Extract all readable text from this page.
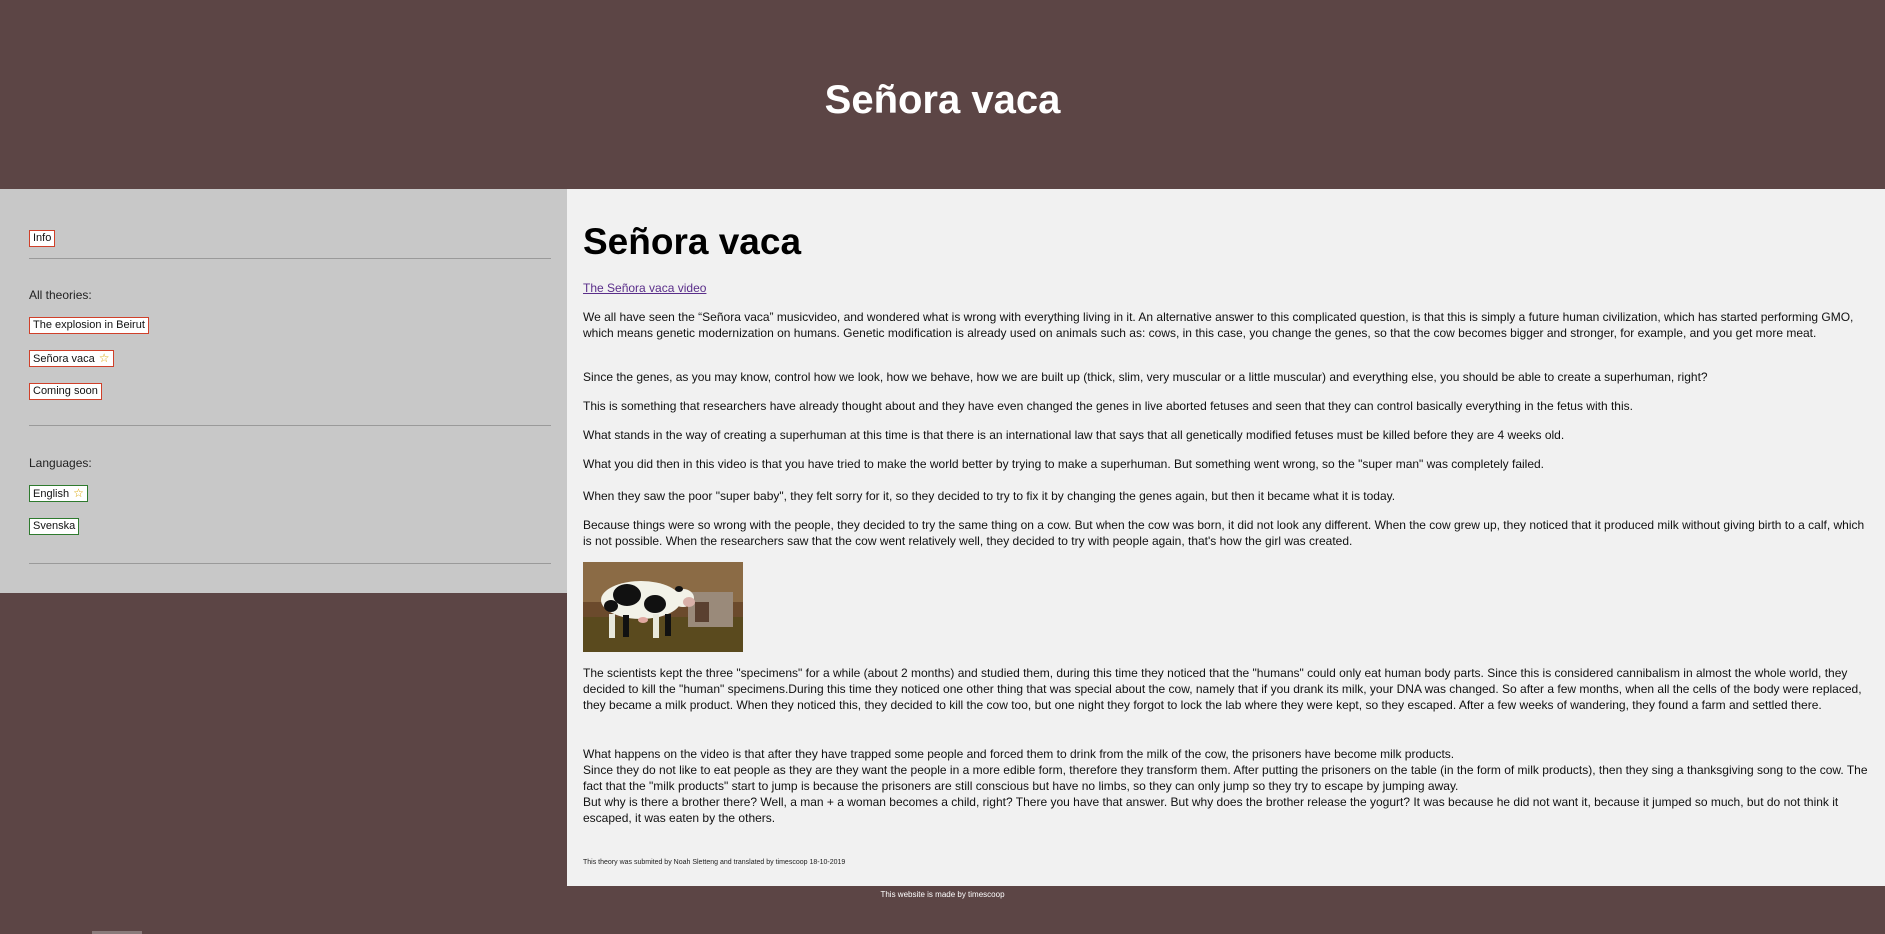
Señora vaca
Info
All theories:
The explosion in Beirut
Señora vaca ☆
Coming soon
Languages:
English ☆
Svenska
Señora vaca
The Señora vaca video

We all have seen the “Señora vaca” musicvideo, and wondered what is wrong with everything living in it. An alternative answer to this complicated question, is that this is simply a future human civilization, which has started performing GMO, which means genetic modernization on humans. Genetic modification is already used on animals such as: cows, in this case, you change the genes, so that the cow becomes bigger and stronger, for example, and you get more meat.

Since the genes, as you may know, control how we look, how we behave, how we are built up (thick, slim, very muscular or a little muscular) and everything else, you should be able to create a superhuman, right?

This is something that researchers have already thought about and they have even changed the genes in live aborted fetuses and seen that they can control basically everything in the fetus with this.

What stands in the way of creating a superhuman at this time is that there is an international law that says that all genetically modified fetuses must be killed before they are 4 weeks old.

What you did then in this video is that you have tried to make the world better by trying to make a superhuman. But something went wrong, so the "super man" was completely failed.

When they saw the poor "super baby", they felt sorry for it, so they decided to try to fix it by changing the genes again, but then it became what it is today.

Because things were so wrong with the people, they decided to try the same thing on a cow. But when the cow was born, it did not look any different. When the cow grew up, they noticed that it produced milk without giving birth to a calf, which is not possible. When the researchers saw that the cow went relatively well, they decided to try with people again, that's how the girl was created.

The scientists kept the three "specimens" for a while (about 2 months) and studied them, during this time they noticed that the "humans" could only eat human body parts. Since this is considered cannibalism in almost the whole world, they decided to kill the "human" specimens.During this time they noticed one other thing that was special about the cow, namely that if you drank its milk, your DNA was changed. So after a few months, when all the cells of the body were replaced, they became a milk product. When they noticed this, they decided to kill the cow too, but one night they forgot to lock the lab where they were kept, so they escaped. After a few weeks of wandering, they found a farm and settled there.

What happens on the video is that after they have trapped some people and forced them to drink from the milk of the cow, the prisoners have become milk products.

Since they do not like to eat people as they are they want the people in a more edible form, therefore they transform them. After putting the prisoners on the table (in the form of milk products), then they sing a thanksgiving song to the cow. The fact that the "milk products" start to jump is because the prisoners are still conscious but have no limbs, so they can only jump so they try to escape by jumping away.

But why is there a brother there? Well, a man + a woman becomes a child, right? There you have that answer. But why does the brother release the yogurt? It was because he did not want it, because it jumped so much, but do not think it escaped, it was eaten by the others.

This theory was submited by Noah Sletteng and translated by timescoop 18-10-2019
This website is made by timescoop
